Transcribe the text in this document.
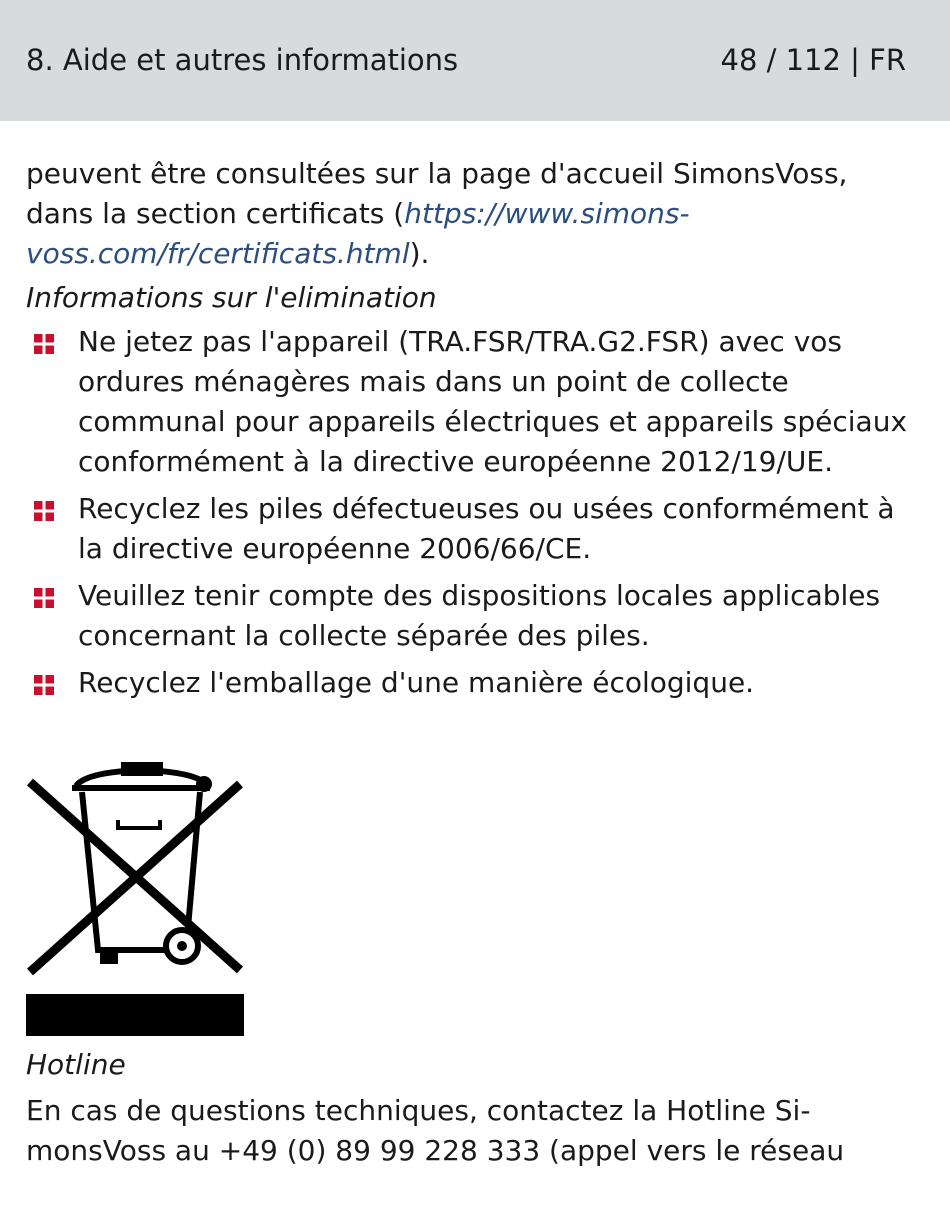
8. Aide et autres informations	48 / 112 | FR

peuvent être consultées sur la page d'accueil SimonsVoss, dans la section certificats (https://www.simons-voss.com/fr/certificats.html).

Informations sur l'elimination

Ne jetez pas l'appareil (TRA.FSR/TRA.G2.FSR) avec vos ordures ménagères mais dans un point de collecte communal pour appareils électriques et appareils spéciaux conformément à la directive européenne 2012/19/UE.
Recyclez les piles défectueuses ou usées conformément à la directive européenne 2006/66/CE.
Veuillez tenir compte des dispositions locales applicables concernant la collecte séparée des piles.
Recyclez l'emballage d'une manière écologique.

Hotline

En cas de questions techniques, contactez la Hotline Si-monsVoss au +49 (0) 89 99 228 333 (appel vers le réseau
